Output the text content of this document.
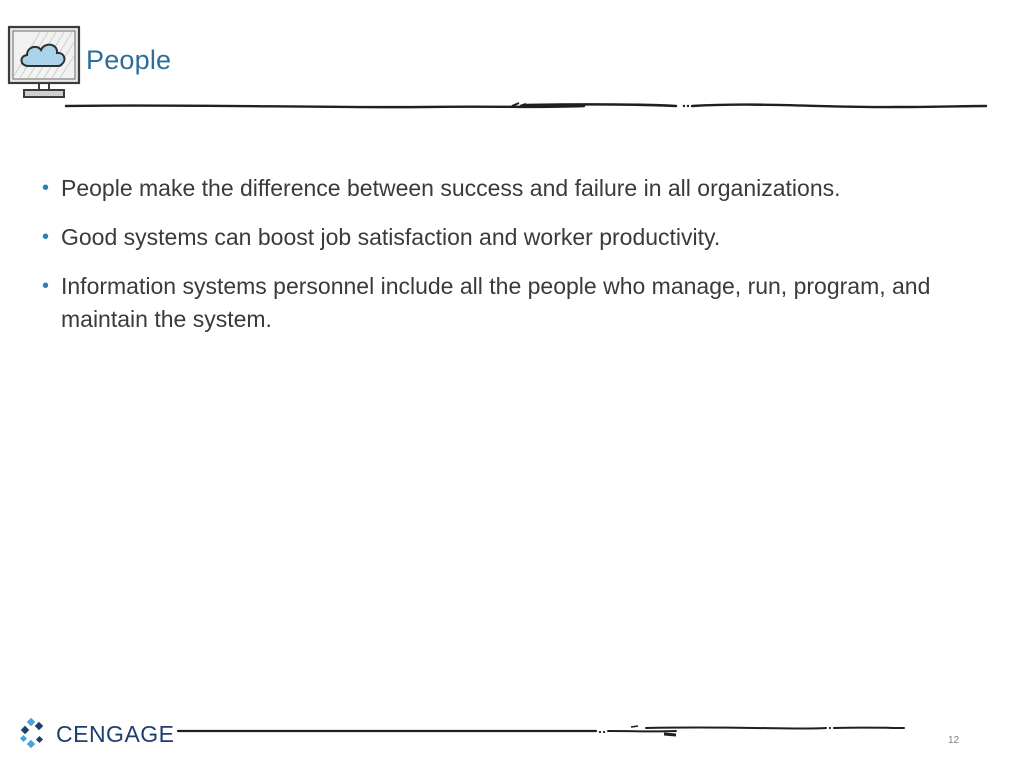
People
• People make the difference between success and failure in all organizations.
• Good systems can boost job satisfaction and worker productivity.
• Information systems personnel include all the people who manage, run, program, and maintain the system.
CENGAGE	12
